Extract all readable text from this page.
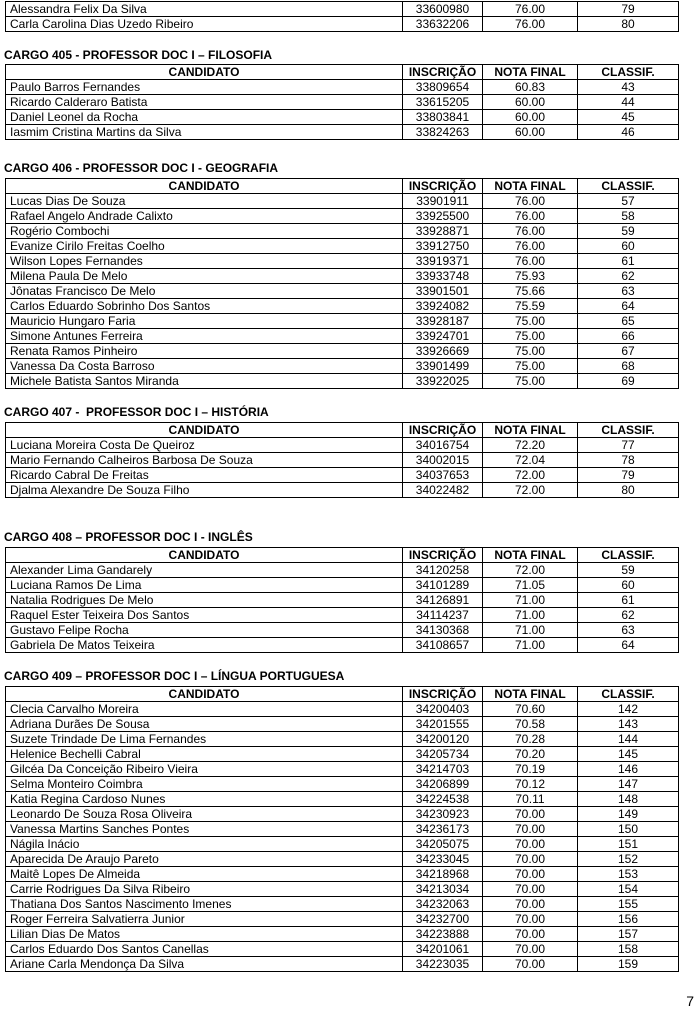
Alessandra Felix Da Silva	33600980	76.00	79
Carla Carolina Dias Uzedo Ribeiro	33632206	76.00	80
CARGO 405 - PROFESSOR DOC I – FILOSOFIA
CANDIDATO	INSCRIÇÃO	NOTA FINAL	CLASSIF.
Paulo Barros Fernandes	33809654	60.83	43
Ricardo Calderaro Batista	33615205	60.00	44
Daniel Leonel da Rocha	33803841	60.00	45
Iasmim Cristina Martins da Silva	33824263	60.00	46
CARGO 406 - PROFESSOR DOC I - GEOGRAFIA
CANDIDATO	INSCRIÇÃO	NOTA FINAL	CLASSIF.
Lucas Dias De Souza	33901911	76.00	57
Rafael Angelo Andrade Calixto	33925500	76.00	58
Rogério Combochi	33928871	76.00	59
Evanize Cirilo Freitas Coelho	33912750	76.00	60
Wilson Lopes Fernandes	33919371	76.00	61
Milena Paula De Melo	33933748	75.93	62
Jônatas Francisco De Melo	33901501	75.66	63
Carlos Eduardo Sobrinho Dos Santos	33924082	75.59	64
Mauricio Hungaro Faria	33928187	75.00	65
Simone Antunes Ferreira	33924701	75.00	66
Renata Ramos Pinheiro	33926669	75.00	67
Vanessa Da Costa Barroso	33901499	75.00	68
Michele Batista Santos Miranda	33922025	75.00	69
CARGO 407 -  PROFESSOR DOC I – HISTÓRIA
CANDIDATO	INSCRIÇÃO	NOTA FINAL	CLASSIF.
Luciana Moreira Costa De Queiroz	34016754	72.20	77
Mario Fernando Calheiros Barbosa De Souza	34002015	72.04	78
Ricardo Cabral De Freitas	34037653	72.00	79
Djalma Alexandre De Souza Filho	34022482	72.00	80
CARGO 408 – PROFESSOR DOC I - INGLÊS
CANDIDATO	INSCRIÇÃO	NOTA FINAL	CLASSIF.
Alexander Lima Gandarely	34120258	72.00	59
Luciana Ramos De Lima	34101289	71.05	60
Natalia Rodrigues De Melo	34126891	71.00	61
Raquel Ester Teixeira Dos Santos	34114237	71.00	62
Gustavo Felipe Rocha	34130368	71.00	63
Gabriela De Matos Teixeira	34108657	71.00	64
CARGO 409 – PROFESSOR DOC I – LÍNGUA PORTUGUESA
CANDIDATO	INSCRIÇÃO	NOTA FINAL	CLASSIF.
Clecia Carvalho Moreira	34200403	70.60	142
Adriana Durães De Sousa	34201555	70.58	143
Suzete Trindade De Lima Fernandes	34200120	70.28	144
Helenice Bechelli Cabral	34205734	70.20	145
Gilcéa Da Conceição Ribeiro Vieira	34214703	70.19	146
Selma Monteiro Coimbra	34206899	70.12	147
Katia Regina Cardoso Nunes	34224538	70.11	148
Leonardo De Souza Rosa Oliveira	34230923	70.00	149
Vanessa Martins Sanches Pontes	34236173	70.00	150
Nágila Inácio	34205075	70.00	151
Aparecida De Araujo Pareto	34233045	70.00	152
Maitê Lopes De Almeida	34218968	70.00	153
Carrie Rodrigues Da Silva Ribeiro	34213034	70.00	154
Thatiana Dos Santos Nascimento Imenes	34232063	70.00	155
Roger Ferreira Salvatierra Junior	34232700	70.00	156
Lilian Dias De Matos	34223888	70.00	157
Carlos Eduardo Dos Santos Canellas	34201061	70.00	158
Ariane Carla Mendonça Da Silva	34223035	70.00	159
7
